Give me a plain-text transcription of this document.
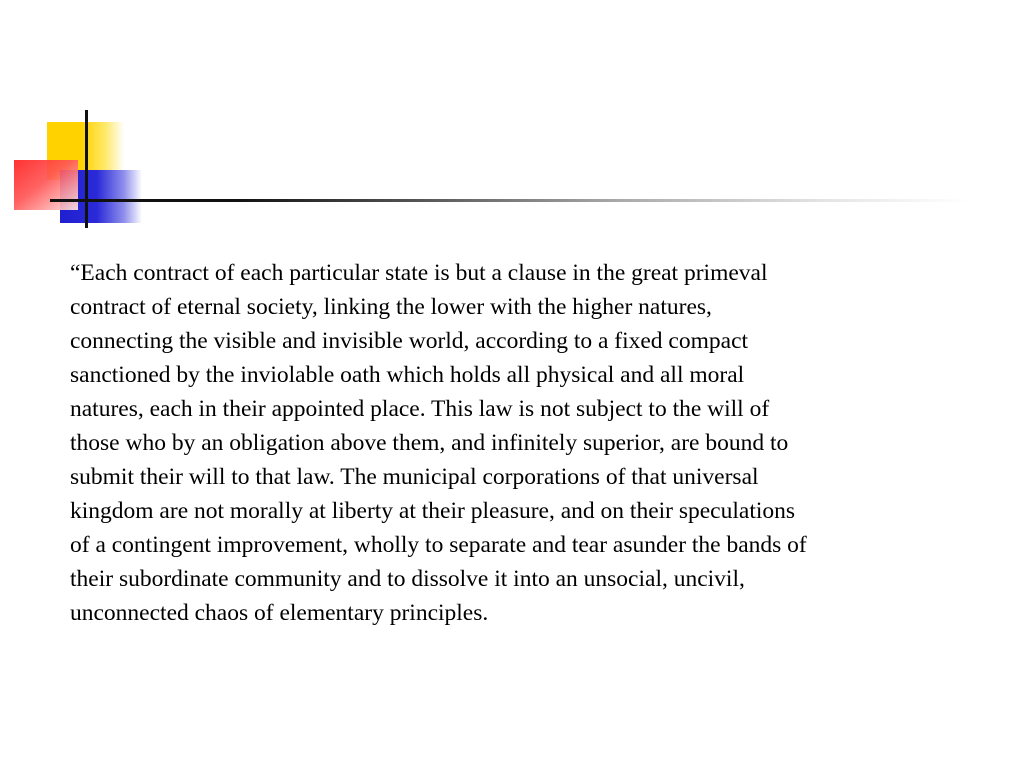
“Each contract of each particular state is but a clause in the great primeval
contract of eternal society, linking the lower with the higher natures,
connecting the visible and invisible world, according to a fixed compact
sanctioned by the inviolable oath which holds all physical and all moral
natures, each in their appointed place. This law is not subject to the will of
those who by an obligation above them, and infinitely superior, are bound to
submit their will to that law. The municipal corporations of that universal
kingdom are not morally at liberty at their pleasure, and on their speculations
of a contingent improvement, wholly to separate and tear asunder the bands of
their subordinate community and to dissolve it into an unsocial, uncivil,
unconnected chaos of elementary principles.
